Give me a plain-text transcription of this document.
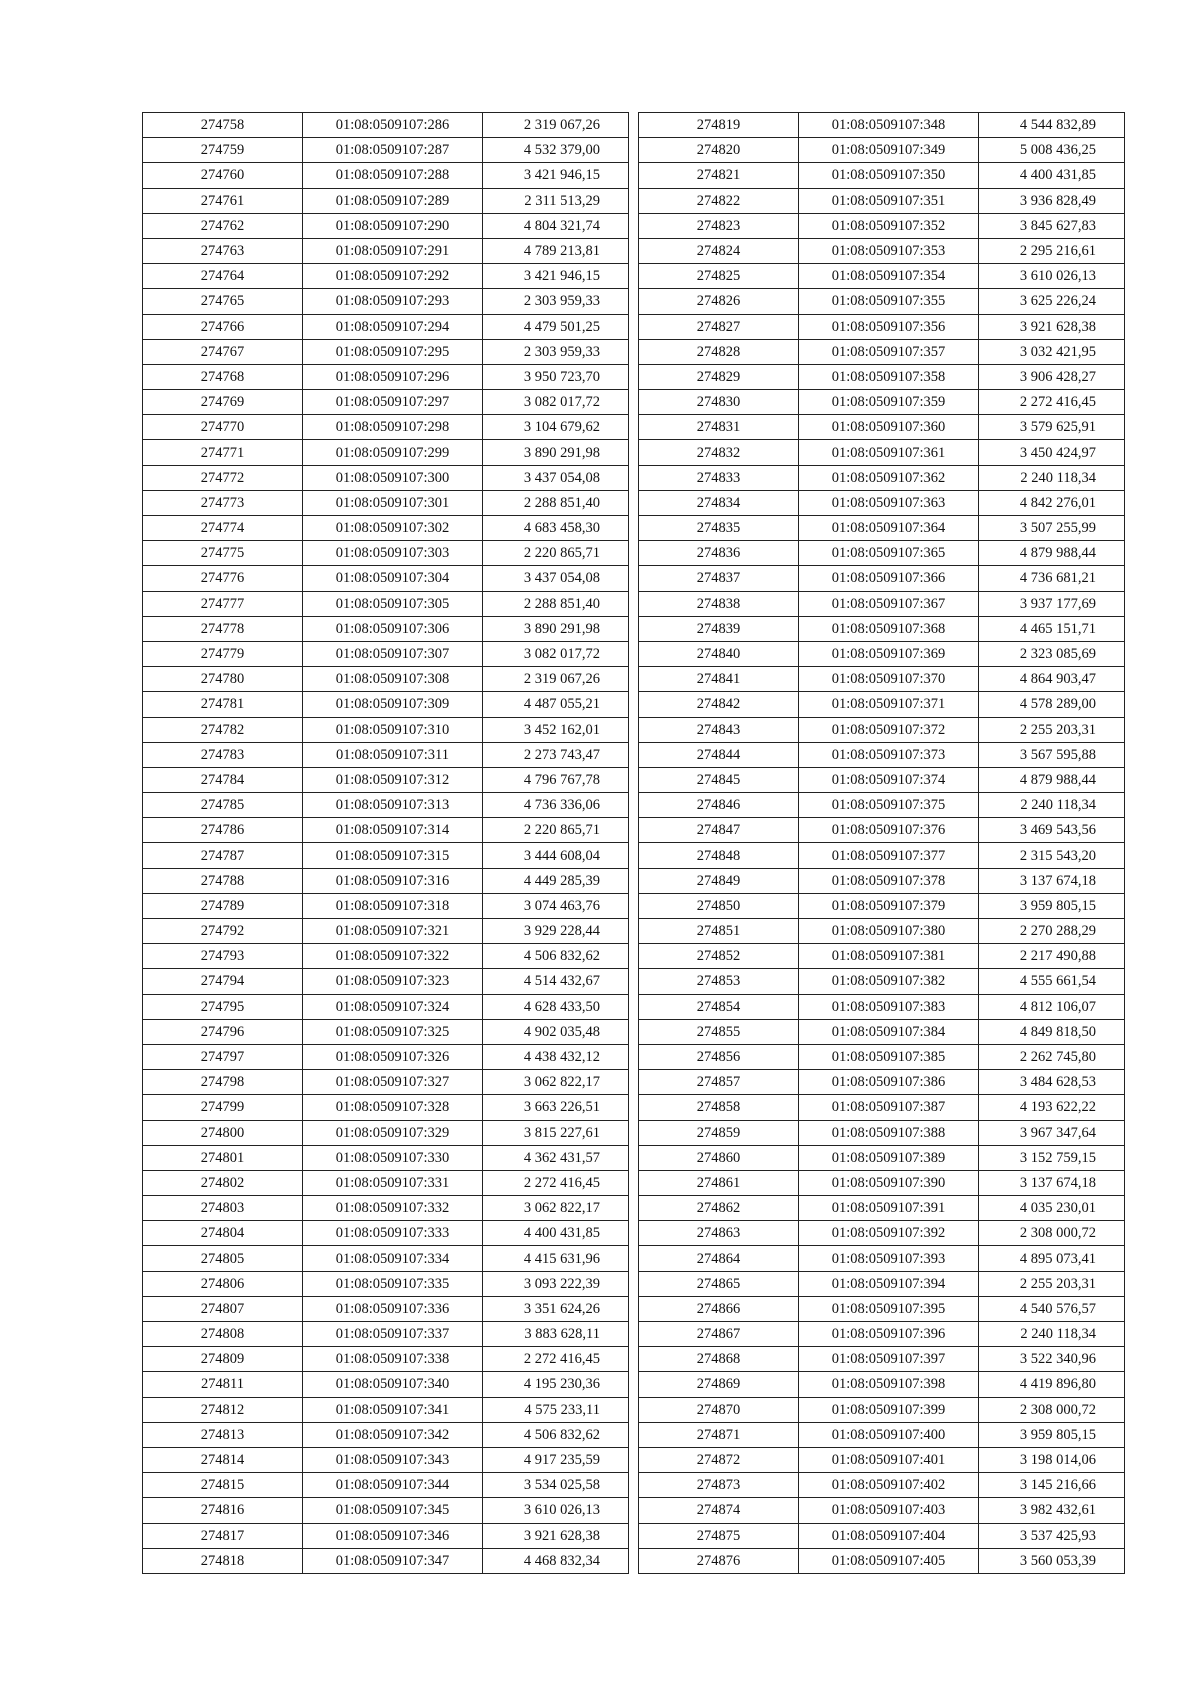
274758	01:08:0509107:286	2 319 067,26
274759	01:08:0509107:287	4 532 379,00
274760	01:08:0509107:288	3 421 946,15
274761	01:08:0509107:289	2 311 513,29
274762	01:08:0509107:290	4 804 321,74
274763	01:08:0509107:291	4 789 213,81
274764	01:08:0509107:292	3 421 946,15
274765	01:08:0509107:293	2 303 959,33
274766	01:08:0509107:294	4 479 501,25
274767	01:08:0509107:295	2 303 959,33
274768	01:08:0509107:296	3 950 723,70
274769	01:08:0509107:297	3 082 017,72
274770	01:08:0509107:298	3 104 679,62
274771	01:08:0509107:299	3 890 291,98
274772	01:08:0509107:300	3 437 054,08
274773	01:08:0509107:301	2 288 851,40
274774	01:08:0509107:302	4 683 458,30
274775	01:08:0509107:303	2 220 865,71
274776	01:08:0509107:304	3 437 054,08
274777	01:08:0509107:305	2 288 851,40
274778	01:08:0509107:306	3 890 291,98
274779	01:08:0509107:307	3 082 017,72
274780	01:08:0509107:308	2 319 067,26
274781	01:08:0509107:309	4 487 055,21
274782	01:08:0509107:310	3 452 162,01
274783	01:08:0509107:311	2 273 743,47
274784	01:08:0509107:312	4 796 767,78
274785	01:08:0509107:313	4 736 336,06
274786	01:08:0509107:314	2 220 865,71
274787	01:08:0509107:315	3 444 608,04
274788	01:08:0509107:316	4 449 285,39
274789	01:08:0509107:318	3 074 463,76
274792	01:08:0509107:321	3 929 228,44
274793	01:08:0509107:322	4 506 832,62
274794	01:08:0509107:323	4 514 432,67
274795	01:08:0509107:324	4 628 433,50
274796	01:08:0509107:325	4 902 035,48
274797	01:08:0509107:326	4 438 432,12
274798	01:08:0509107:327	3 062 822,17
274799	01:08:0509107:328	3 663 226,51
274800	01:08:0509107:329	3 815 227,61
274801	01:08:0509107:330	4 362 431,57
274802	01:08:0509107:331	2 272 416,45
274803	01:08:0509107:332	3 062 822,17
274804	01:08:0509107:333	4 400 431,85
274805	01:08:0509107:334	4 415 631,96
274806	01:08:0509107:335	3 093 222,39
274807	01:08:0509107:336	3 351 624,26
274808	01:08:0509107:337	3 883 628,11
274809	01:08:0509107:338	2 272 416,45
274811	01:08:0509107:340	4 195 230,36
274812	01:08:0509107:341	4 575 233,11
274813	01:08:0509107:342	4 506 832,62
274814	01:08:0509107:343	4 917 235,59
274815	01:08:0509107:344	3 534 025,58
274816	01:08:0509107:345	3 610 026,13
274817	01:08:0509107:346	3 921 628,38
274818	01:08:0509107:347	4 468 832,34
274819	01:08:0509107:348	4 544 832,89
274820	01:08:0509107:349	5 008 436,25
274821	01:08:0509107:350	4 400 431,85
274822	01:08:0509107:351	3 936 828,49
274823	01:08:0509107:352	3 845 627,83
274824	01:08:0509107:353	2 295 216,61
274825	01:08:0509107:354	3 610 026,13
274826	01:08:0509107:355	3 625 226,24
274827	01:08:0509107:356	3 921 628,38
274828	01:08:0509107:357	3 032 421,95
274829	01:08:0509107:358	3 906 428,27
274830	01:08:0509107:359	2 272 416,45
274831	01:08:0509107:360	3 579 625,91
274832	01:08:0509107:361	3 450 424,97
274833	01:08:0509107:362	2 240 118,34
274834	01:08:0509107:363	4 842 276,01
274835	01:08:0509107:364	3 507 255,99
274836	01:08:0509107:365	4 879 988,44
274837	01:08:0509107:366	4 736 681,21
274838	01:08:0509107:367	3 937 177,69
274839	01:08:0509107:368	4 465 151,71
274840	01:08:0509107:369	2 323 085,69
274841	01:08:0509107:370	4 864 903,47
274842	01:08:0509107:371	4 578 289,00
274843	01:08:0509107:372	2 255 203,31
274844	01:08:0509107:373	3 567 595,88
274845	01:08:0509107:374	4 879 988,44
274846	01:08:0509107:375	2 240 118,34
274847	01:08:0509107:376	3 469 543,56
274848	01:08:0509107:377	2 315 543,20
274849	01:08:0509107:378	3 137 674,18
274850	01:08:0509107:379	3 959 805,15
274851	01:08:0509107:380	2 270 288,29
274852	01:08:0509107:381	2 217 490,88
274853	01:08:0509107:382	4 555 661,54
274854	01:08:0509107:383	4 812 106,07
274855	01:08:0509107:384	4 849 818,50
274856	01:08:0509107:385	2 262 745,80
274857	01:08:0509107:386	3 484 628,53
274858	01:08:0509107:387	4 193 622,22
274859	01:08:0509107:388	3 967 347,64
274860	01:08:0509107:389	3 152 759,15
274861	01:08:0509107:390	3 137 674,18
274862	01:08:0509107:391	4 035 230,01
274863	01:08:0509107:392	2 308 000,72
274864	01:08:0509107:393	4 895 073,41
274865	01:08:0509107:394	2 255 203,31
274866	01:08:0509107:395	4 540 576,57
274867	01:08:0509107:396	2 240 118,34
274868	01:08:0509107:397	3 522 340,96
274869	01:08:0509107:398	4 419 896,80
274870	01:08:0509107:399	2 308 000,72
274871	01:08:0509107:400	3 959 805,15
274872	01:08:0509107:401	3 198 014,06
274873	01:08:0509107:402	3 145 216,66
274874	01:08:0509107:403	3 982 432,61
274875	01:08:0509107:404	3 537 425,93
274876	01:08:0509107:405	3 560 053,39
